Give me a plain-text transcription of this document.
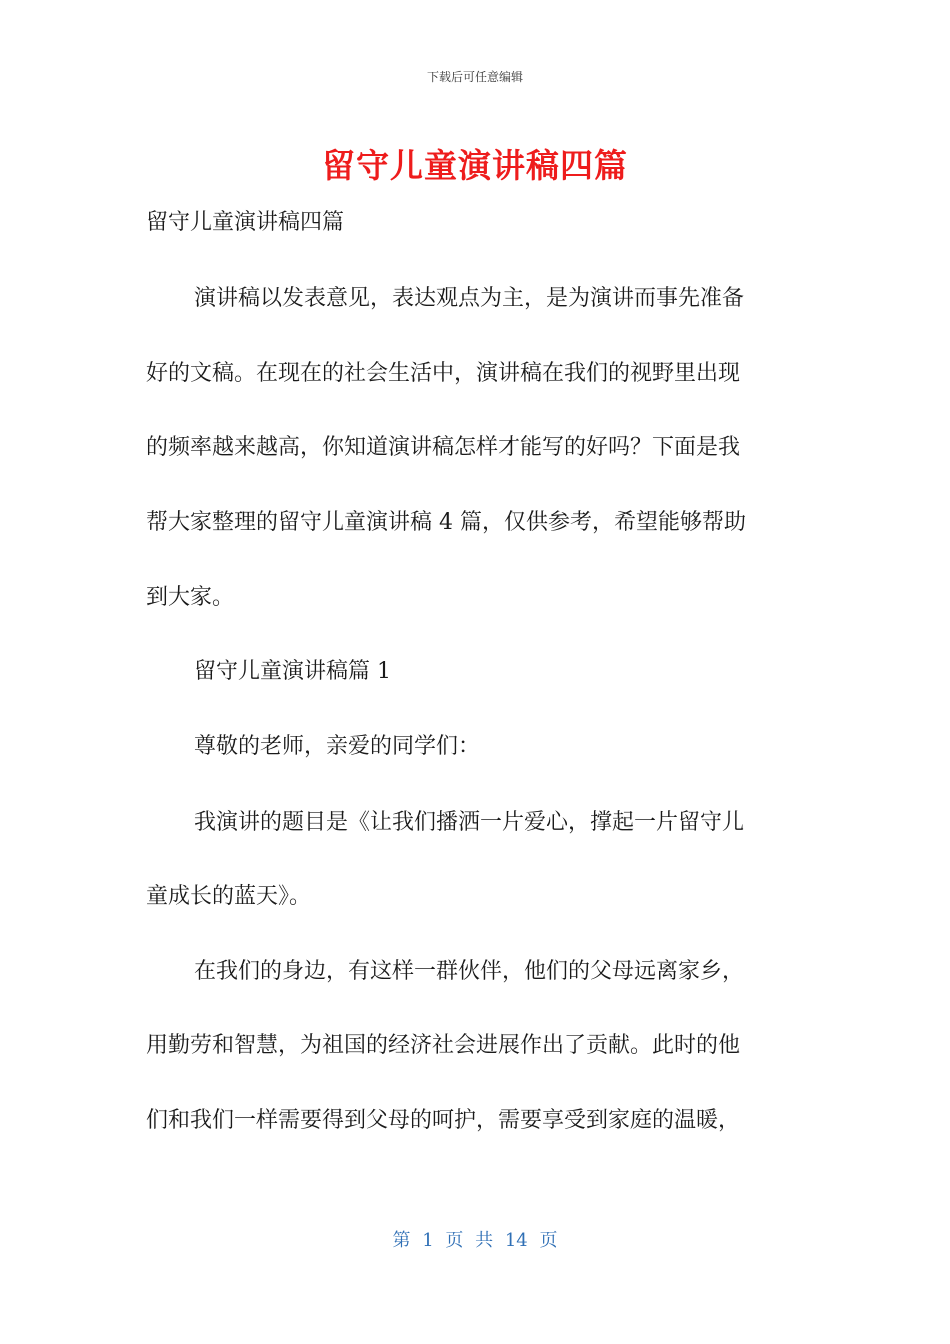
下载后可任意编辑
留守儿童演讲稿四篇
留守儿童演讲稿四篇
演讲稿以发表意见，表达观点为主，是为演讲而事先准备
好的文稿。在现在的社会生活中，演讲稿在我们的视野里出现
的频率越来越高，你知道演讲稿怎样才能写的好吗？下面是我
帮大家整理的留守儿童演讲稿 4 篇，仅供参考，希望能够帮助
到大家。
留守儿童演讲稿篇 1
尊敬的老师，亲爱的同学们：
我演讲的题目是《让我们播洒一片爱心，撑起一片留守儿
童成长的蓝天》。
在我们的身边，有这样一群伙伴，他们的父母远离家乡，
用勤劳和智慧，为祖国的经济社会进展作出了贡献。此时的他
们和我们一样需要得到父母的呵护，需要享受到家庭的温暖，
第 1 页 共 14 页
